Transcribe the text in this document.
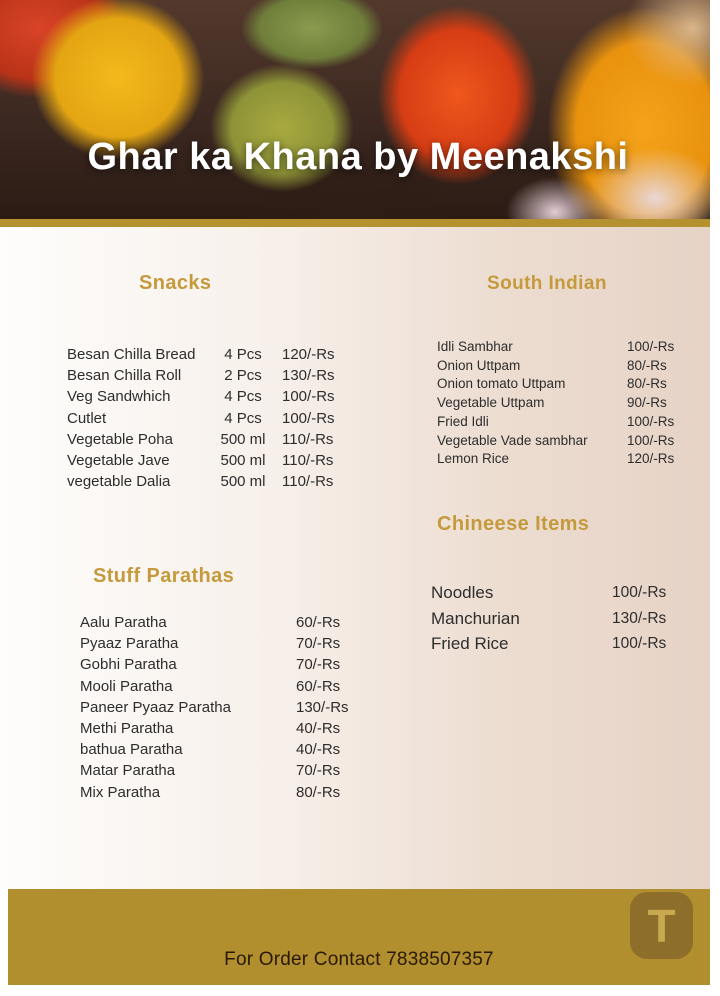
Ghar ka Khana by Meenakshi
Snacks
Besan Chilla Bread	4 Pcs	120/-Rs
Besan Chilla Roll	2 Pcs	130/-Rs
Veg Sandwhich	4 Pcs	100/-Rs
Cutlet	4 Pcs	100/-Rs
Vegetable Poha	500 ml	110/-Rs
Vegetable Jave	500 ml	110/-Rs
vegetable Dalia	500 ml	110/-Rs
South Indian
Idli Sambhar	100/-Rs
Onion Uttpam	80/-Rs
Onion tomato Uttpam	80/-Rs
Vegetable Uttpam	90/-Rs
Fried Idli	100/-Rs
Vegetable Vade sambhar	100/-Rs
Lemon Rice	120/-Rs
Chineese Items
Noodles	100/-Rs
Manchurian	130/-Rs
Fried Rice	100/-Rs
Stuff Parathas
Aalu Paratha	60/-Rs
Pyaaz Paratha	70/-Rs
Gobhi Paratha	70/-Rs
Mooli Paratha	60/-Rs
Paneer Pyaaz Paratha	130/-Rs
Methi Paratha	40/-Rs
bathua Paratha	40/-Rs
Matar Paratha	70/-Rs
Mix Paratha	80/-Rs
T
For Order Contact 7838507357
